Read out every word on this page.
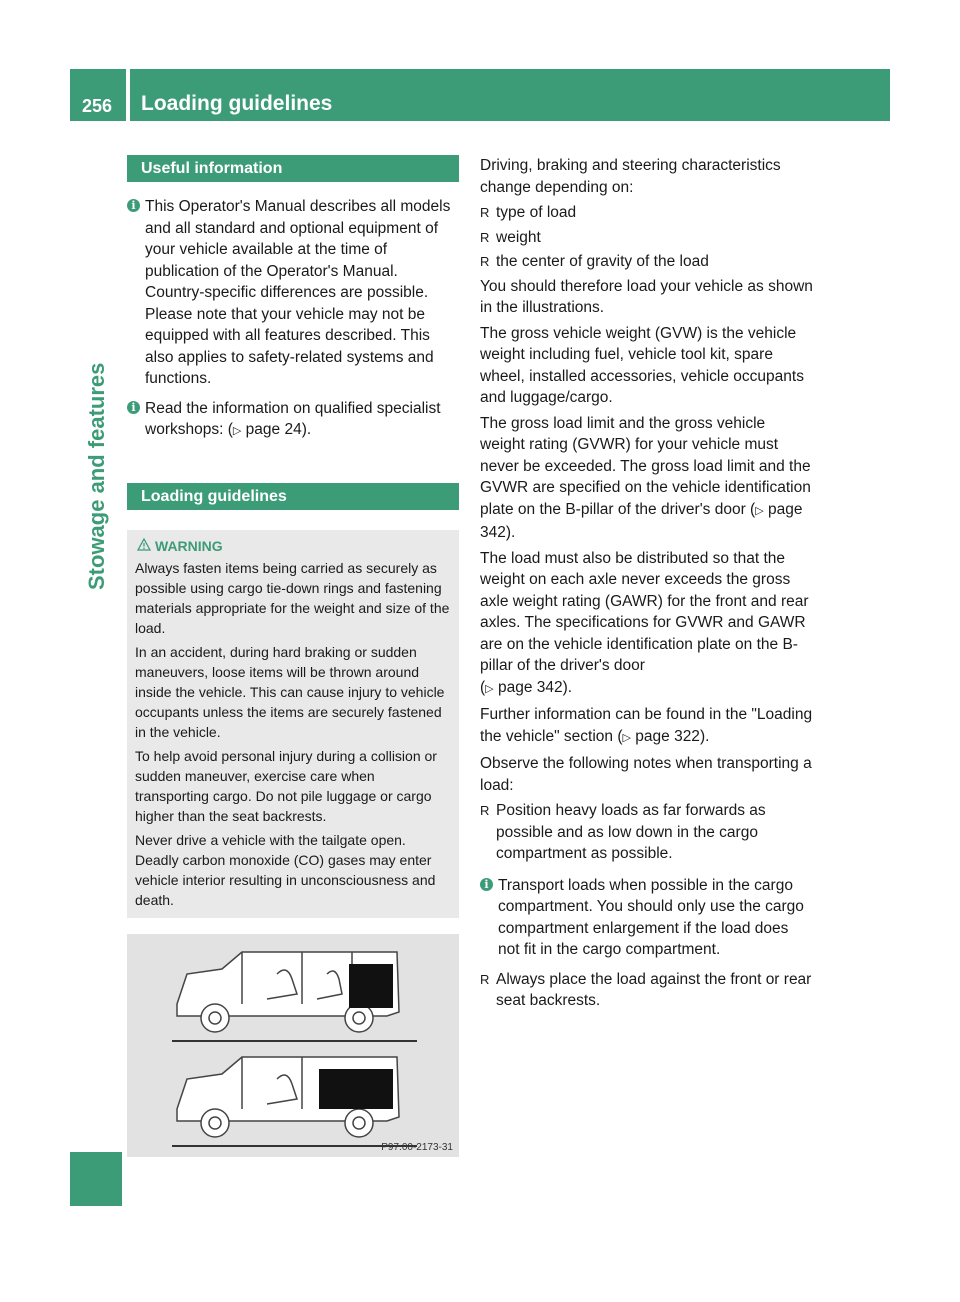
256 Loading guidelines
Stowage and features
Useful information

i This Operator's Manual describes all models and all standard and optional equipment of your vehicle available at the time of publication of the Operator's Manual. Country-specific differences are possible. Please note that your vehicle may not be equipped with all features described. This also applies to safety-related systems and functions.

i Read the information on qualified specialist workshops: (▷ page 24).

Loading guidelines
WARNING

Always fasten items being carried as securely as possible using cargo tie-down rings and fastening materials appropriate for the weight and size of the load.

In an accident, during hard braking or sudden maneuvers, loose items will be thrown around inside the vehicle. This can cause injury to vehicle occupants unless the items are securely fastened in the vehicle.

To help avoid personal injury during a collision or sudden maneuver, exercise care when transporting cargo. Do not pile luggage or cargo higher than the seat backrests.

Never drive a vehicle with the tailgate open. Deadly carbon monoxide (CO) gases may enter vehicle interior resulting in unconsciousness and death.

P97.00-2173-31

Driving, braking and steering characteristics change depending on:

R type of load
R weight
R the center of gravity of the load

You should therefore load your vehicle as shown in the illustrations.

The gross vehicle weight (GVW) is the vehicle weight including fuel, vehicle tool kit, spare wheel, installed accessories, vehicle occupants and luggage/cargo.

The gross load limit and the gross vehicle weight rating (GVWR) for your vehicle must never be exceeded. The gross load limit and the GVWR are specified on the vehicle identification plate on the B-pillar of the driver's door (▷ page 342).

The load must also be distributed so that the weight on each axle never exceeds the gross axle weight rating (GAWR) for the front and rear axles. The specifications for GVWR and GAWR are on the vehicle identification plate on the B-pillar of the driver's door
(▷ page 342).

Further information can be found in the "Loading the vehicle" section (▷ page 322).

Observe the following notes when transporting a load:

R Position heavy loads as far forwards as possible and as low down in the cargo compartment as possible.

i Transport loads when possible in the cargo compartment. You should only use the cargo compartment enlargement if the load does not fit in the cargo compartment.

R Always place the load against the front or rear seat backrests.
